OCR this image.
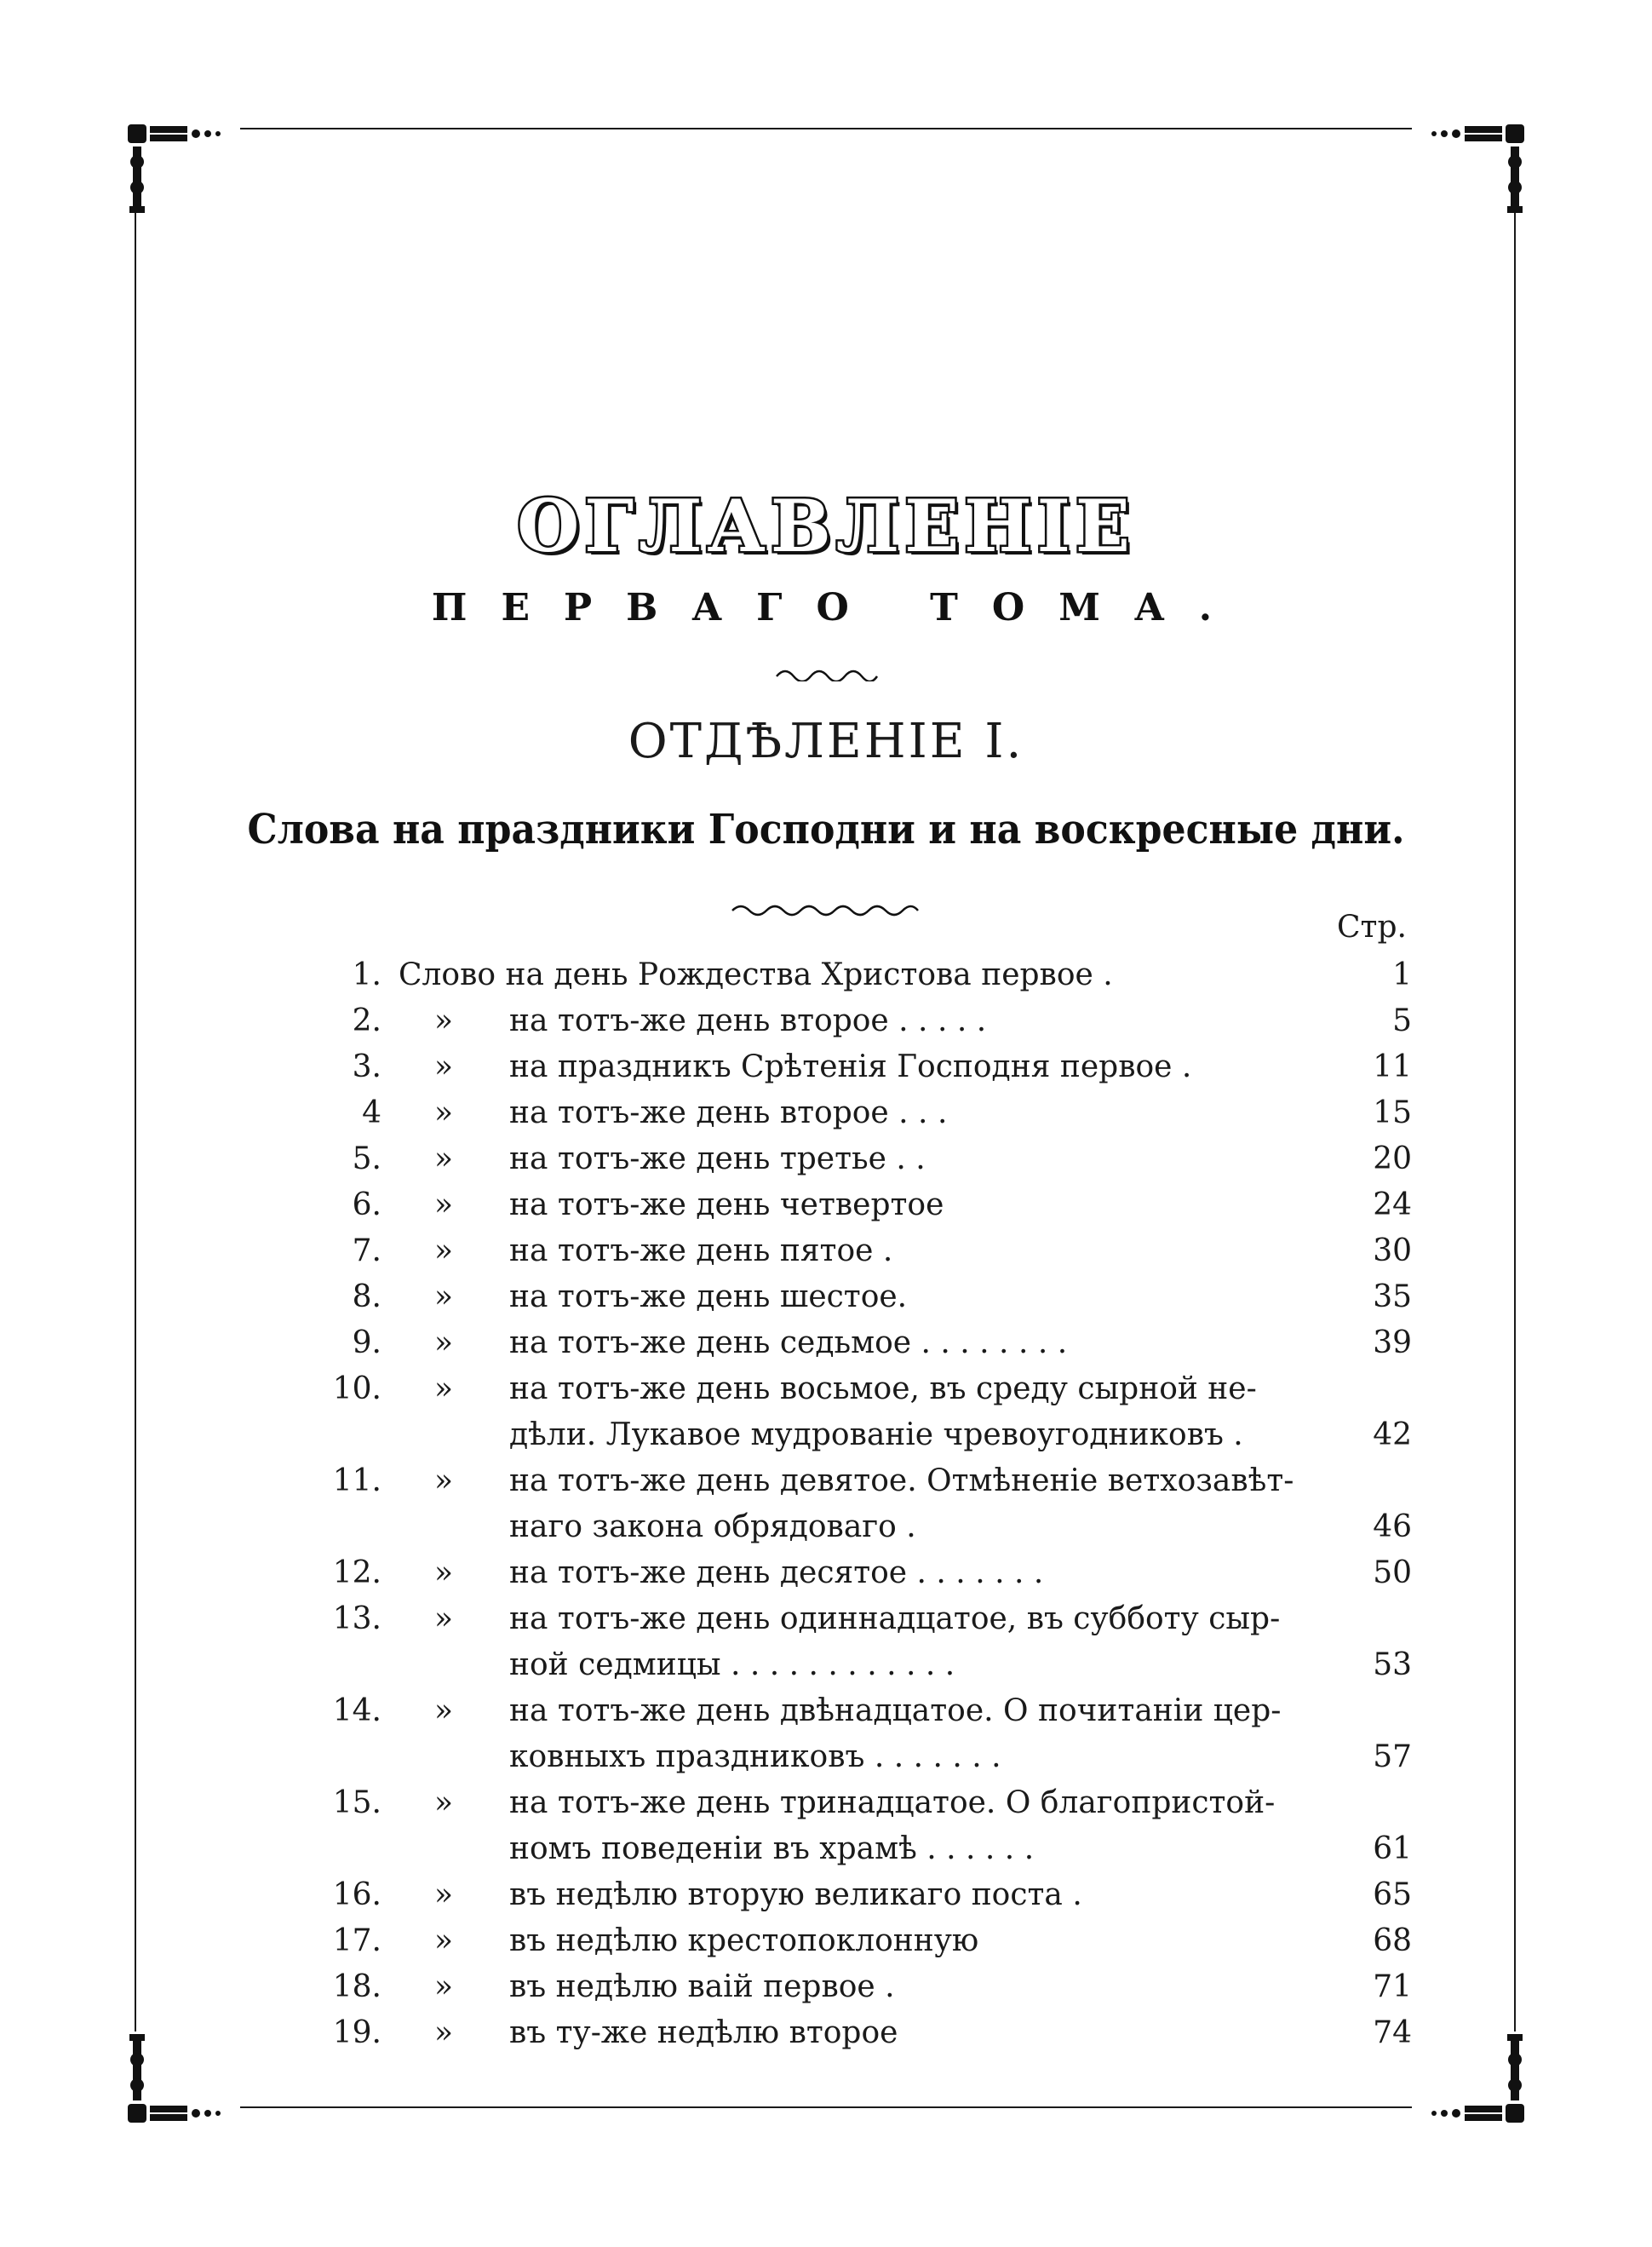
ОГЛАВЛЕНІЕ
ПЕРВАГО ТОМА.
ОТДѢЛЕНІЕ I.
Слова на праздники Господни и на воскресные дни.
Стр.
1. Слово на день Рождества Христова первое .	1
2. » на тотъ-же день второе . . . . .	5
3. » на праздникъ Срѣтенія Господня первое .	11
4 » на тотъ-же день второе . . .	15
5. » на тотъ-же день третье . .	20
6. » на тотъ-же день четвертое	24
7. » на тотъ-же день пятое .	30
8. » на тотъ-же день шестое.	35
9. » на тотъ-же день седьмое . . . . . . . .	39
10. » на тотъ-же день восьмое, въ среду сырной не-
дѣли. Лукавое мудрованіе чревоугодниковъ .	42
11. » на тотъ-же день девятое. Отмѣненіе ветхозавѣт-
наго закона обрядоваго .	46
12. » на тотъ-же день десятое . . . . . . .	50
13. » на тотъ-же день одиннадцатое, въ субботу сыр-
ной седмицы . . . . . . . . . . . .	53
14. » на тотъ-же день двѣнадцатое. О почитаніи цер-
ковныхъ праздниковъ . . . . . . .	57
15. » на тотъ-же день тринадцатое. О благопристой-
номъ поведеніи въ храмѣ . . . . . .	61
16. » въ недѣлю вторую великаго поста .	65
17. » въ недѣлю крестопоклонную	68
18. » въ недѣлю ваій первое .	71
19. » въ ту-же недѣлю второе	74
